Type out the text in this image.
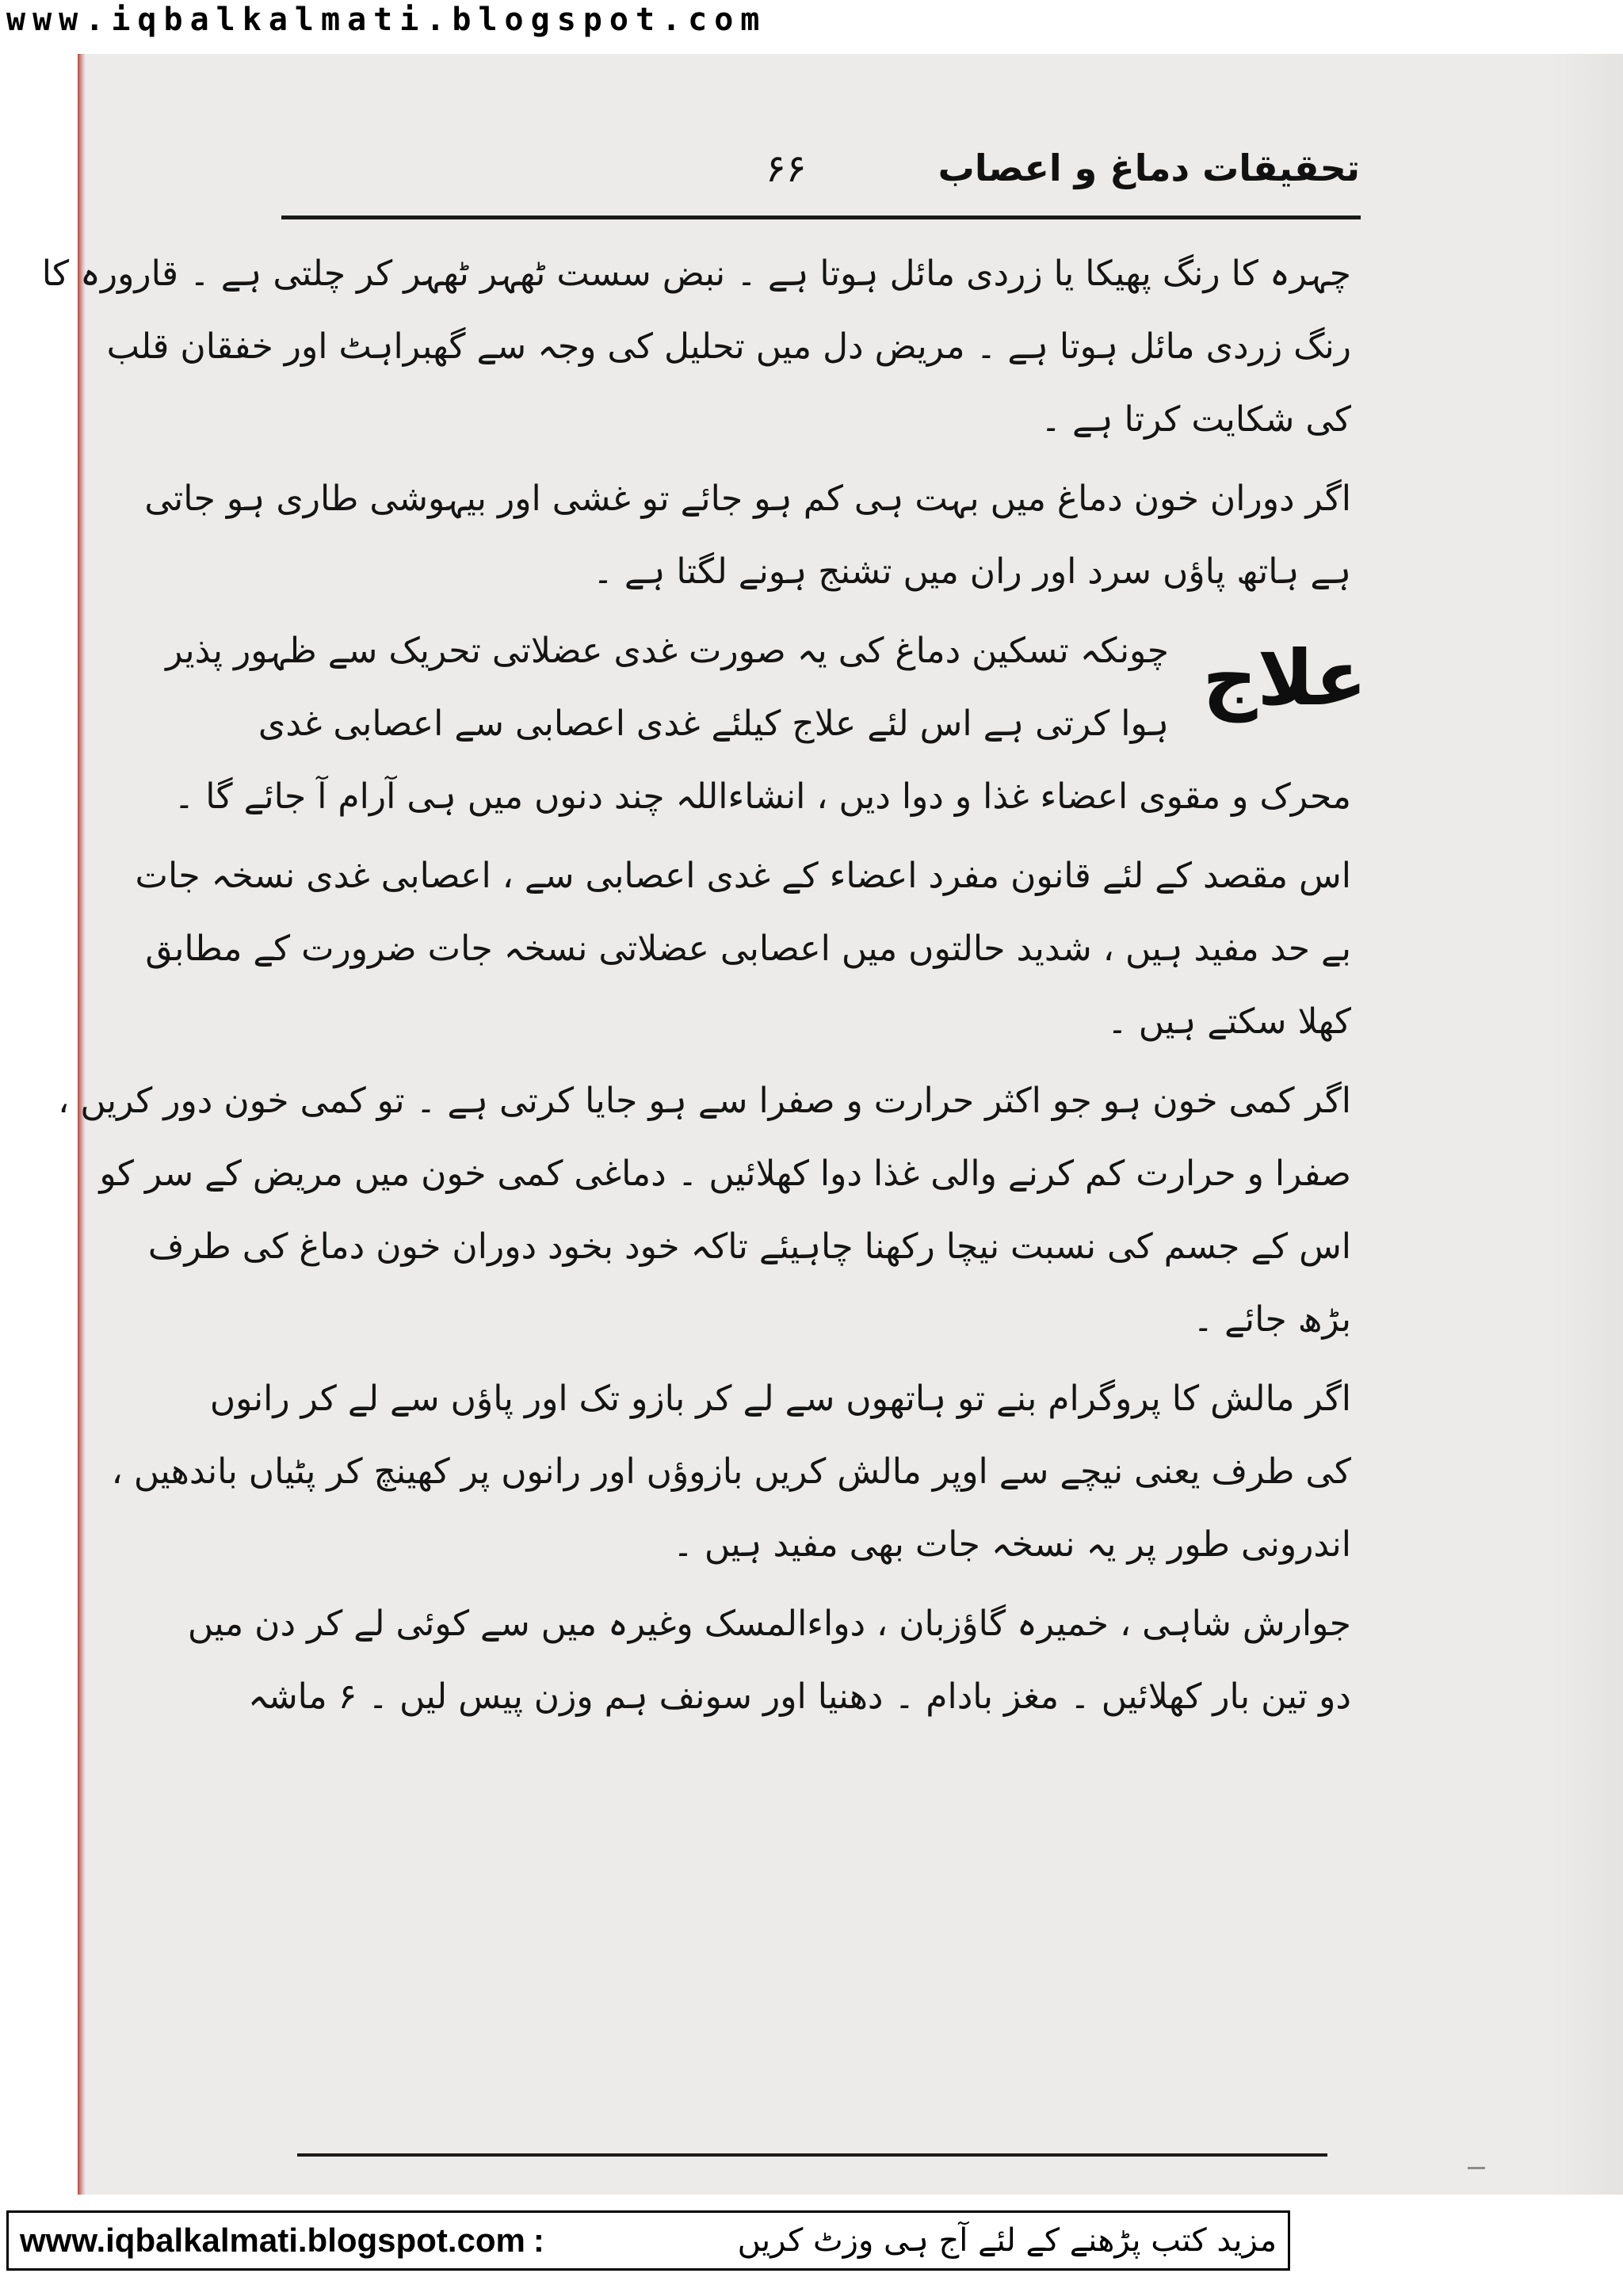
www.iqbalkalmati.blogspot.com
۶۶	تحقیقات دماغ و اعصاب
چہرہ کا رنگ پھیکا یا زردی مائل ہوتا ہے ۔ نبض سست ٹھہر ٹھہر کر چلتی ہے ۔ قارورہ کا
رنگ زردی مائل ہوتا ہے ۔ مریض دل میں تحلیل کی وجہ سے گھبراہٹ اور خفقان قلب
کی شکایت کرتا ہے ۔
اگر دوران خون دماغ میں بہت ہی کم ہو جائے تو غشی اور بیہوشی طاری ہو جاتی
ہے ہاتھ پاؤں سرد اور ران میں تشنج ہونے لگتا ہے ۔
علاج
چونکہ تسکین دماغ کی یہ صورت غدی عضلاتی تحریک سے ظہور پذیر
ہوا کرتی ہے اس لئے علاج کیلئے غدی اعصابی سے اعصابی غدی
محرک و مقوی اعضاء غذا و دوا دیں ، انشاءاللہ چند دنوں میں ہی آرام آ جائے گا ۔
اس مقصد کے لئے قانون مفرد اعضاء کے غدی اعصابی سے ، اعصابی غدی نسخہ جات
بے حد مفید ہیں ، شدید حالتوں میں اعصابی عضلاتی نسخہ جات ضرورت کے مطابق
کھلا سکتے ہیں ۔
اگر کمی خون ہو جو اکثر حرارت و صفرا سے ہو جایا کرتی ہے ۔ تو کمی خون دور کریں ،
صفرا و حرارت کم کرنے والی غذا دوا کھلائیں ۔ دماغی کمی خون میں مریض کے سر کو
اس کے جسم کی نسبت نیچا رکھنا چاہیئے تاکہ خود بخود دوران خون دماغ کی طرف
بڑھ جائے ۔
اگر مالش کا پروگرام بنے تو ہاتھوں سے لے کر بازو تک اور پاؤں سے لے کر رانوں
کی طرف یعنی نیچے سے اوپر مالش کریں بازوؤں اور رانوں پر کھینچ کر پٹیاں باندھیں ،
اندرونی طور پر یہ نسخہ جات بھی مفید ہیں ۔
جوارش شاہی ، خمیرہ گاؤزبان ، دواءالمسک وغیرہ میں سے کوئی لے کر دن میں
دو تین بار کھلائیں ۔ مغز بادام ۔ دھنیا اور سونف ہم وزن پیس لیں ۔ ۶ ماشہ
www.iqbalkalmati.blogspot.com :	مزید کتب پڑھنے کے لئے آج ہی وزٹ کریں
